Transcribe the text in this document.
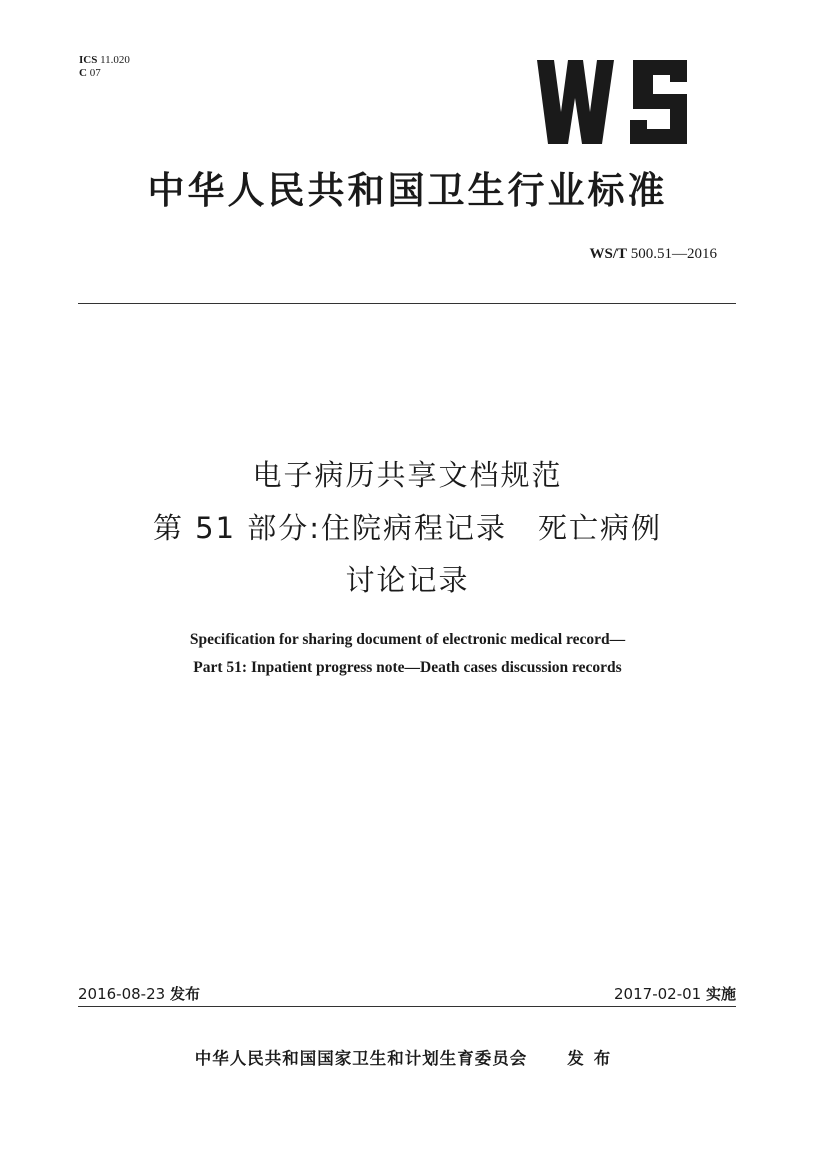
ICS 11.020
C 07
中华人民共和国卫生行业标准
WS/T 500.51—2016
电子病历共享文档规范
第 51 部分:住院病程记录　死亡病例
讨论记录
Specification for sharing document of electronic medical record—
Part 51: Inpatient progress note—Death cases discussion records
2016-08-23 发布	2017-02-01 实施
中华人民共和国国家卫生和计划生育委员会 发布
